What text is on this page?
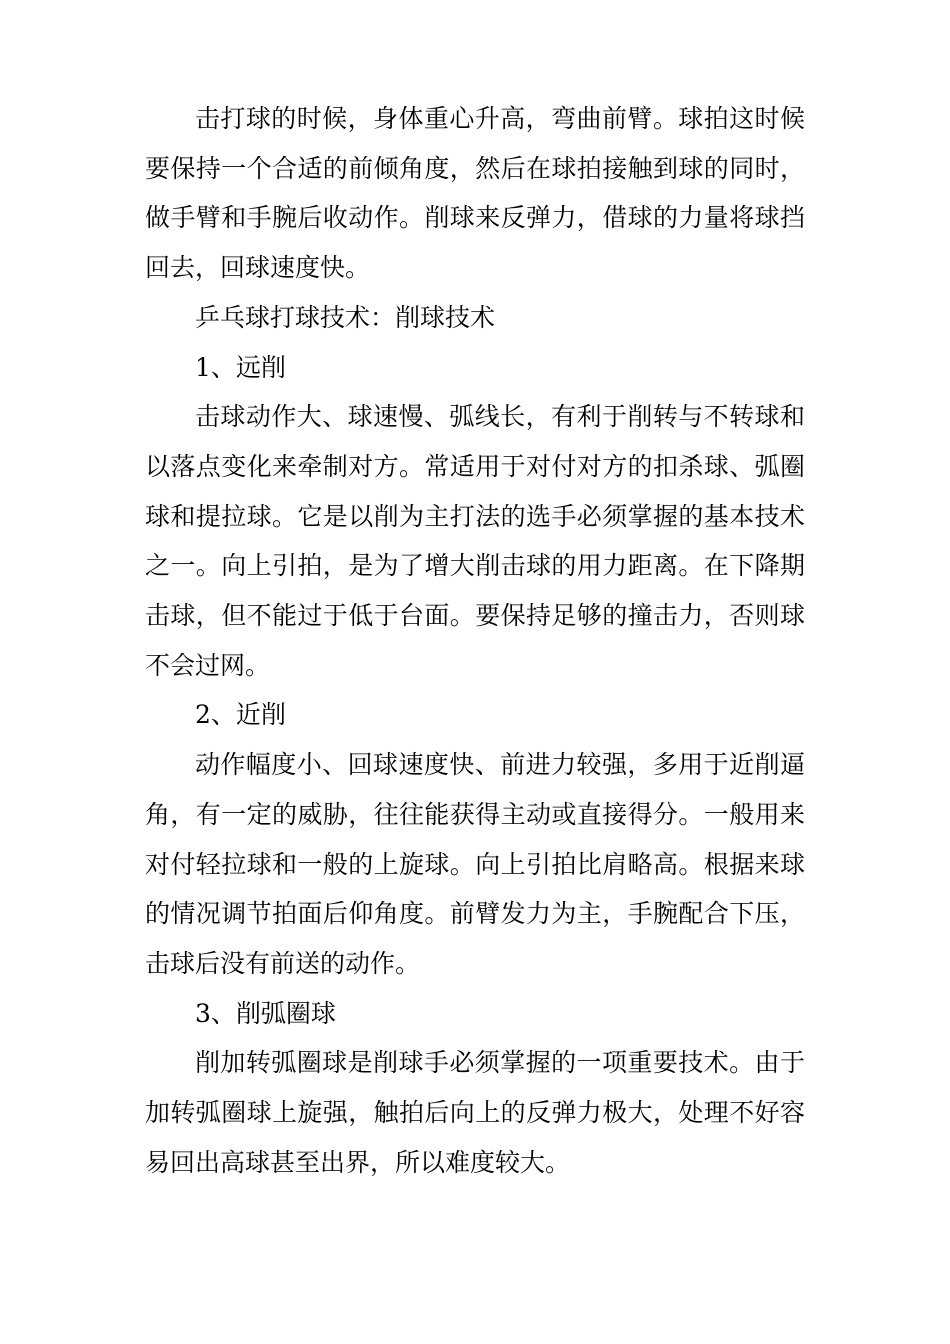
击打球的时候，身体重心升高，弯曲前臂。球拍这时候要保持一个合适的前倾角度，然后在球拍接触到球的同时，做手臂和手腕后收动作。削球来反弹力，借球的力量将球挡回去，回球速度快。

乒乓球打球技术：削球技术

1、远削

击球动作大、球速慢、弧线长，有利于削转与不转球和以落点变化来牵制对方。常适用于对付对方的扣杀球、弧圈球和提拉球。它是以削为主打法的选手必须掌握的基本技术之一。向上引拍，是为了增大削击球的用力距离。在下降期击球，但不能过于低于台面。要保持足够的撞击力，否则球不会过网。

2、近削

动作幅度小、回球速度快、前进力较强，多用于近削逼角，有一定的威胁，往往能获得主动或直接得分。一般用来对付轻拉球和一般的上旋球。向上引拍比肩略高。根据来球的情况调节拍面后仰角度。前臂发力为主，手腕配合下压，击球后没有前送的动作。

3、削弧圈球

削加转弧圈球是削球手必须掌握的一项重要技术。由于加转弧圈球上旋强，触拍后向上的反弹力极大，处理不好容易回出高球甚至出界，所以难度较大。
